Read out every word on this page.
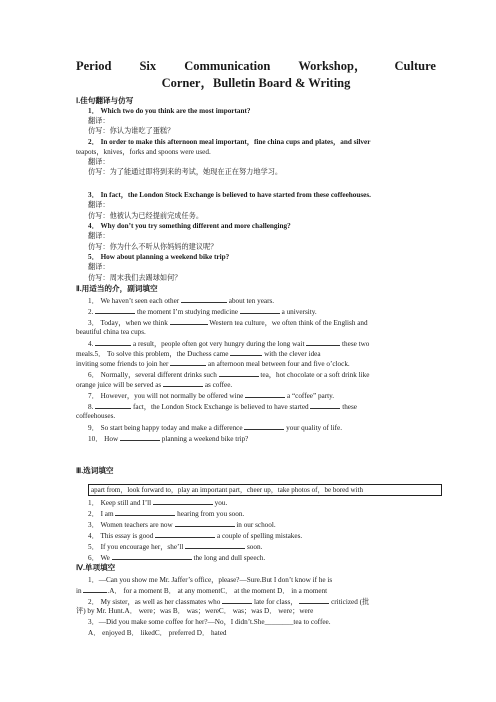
Period Six Communication Workshop， Culture
Corner，Bulletin Board & Writing
Ⅰ.佳句翻译与仿写
1． Which two do you think are the most important?
翻译：
仿写：你认为谁吃了蛋糕？
2． In order to make this afternoon meal important，fine china cups and plates，and silver
teapots，knives，forks and spoons were used.
翻译：
仿写：为了能通过即将到来的考试，她现在正在努力地学习。
3． In fact，the London Stock Exchange is believed to have started from these coffeehouses.
翻译：
仿写：他被认为已经提前完成任务。
4． Why don’t you try something different and more challenging?
翻译：
仿写：你为什么不听从你妈妈的建议呢？
5． How about planning a weekend bike trip?
翻译：
仿写：周末我们去踢球如何？
Ⅱ.用适当的介，副词填空
1． We haven’t seen each other	about ten years.
2.	the moment I’m studying medicine	a university.
3． Today，when we think	Western tea culture，we often think of the English and
beautiful china tea cups.
4.	a result，people often got very hungry during the long wait	these two
meals.5． To solve this problem，the Duchess came	with the clever idea
inviting some friends to join her	an afternoon meal between four and five o’clock.
6． Normally，several different drinks such	tea，hot chocolate or a soft drink like
orange juice will be served as	as coffee.
7． However，you will not normally be offered wine	a “coffee” party.
8.	fact，the London Stock Exchange is believed to have started	these
coffeehouses.
9． So start being happy today and make a difference	your quality of life.
10． How	planning a weekend bike trip?
Ⅲ.选词填空
apart from，look forward to，play an important part，cheer up，take photos of，be bored with
1． Keep still and I’ll	you.
2． I am	hearing from you soon.
3． Women teachers are now	in our school.
4． This essay is good	a couple of spelling mistakes.
5． If you encourage her，she’ll	soon.
6． We	the long and dull speech.
Ⅳ.单项填空
1．—Can you show me Mr. Jaffer’s office，please?—Sure.But I don’t know if he is
in	.A． for a moment B． at any momentC． at the moment D． in a moment
2． My sister，as well as her classmates who	late for class，	criticized (批
评) by Mr. Hunt.A． were；was B． was；wereC． was；was D． were；were
3．—Did you make some coffee for her?—No，I didn’t.She________tea to coffee.
A． enjoyed B． likedC． preferred D． hated
